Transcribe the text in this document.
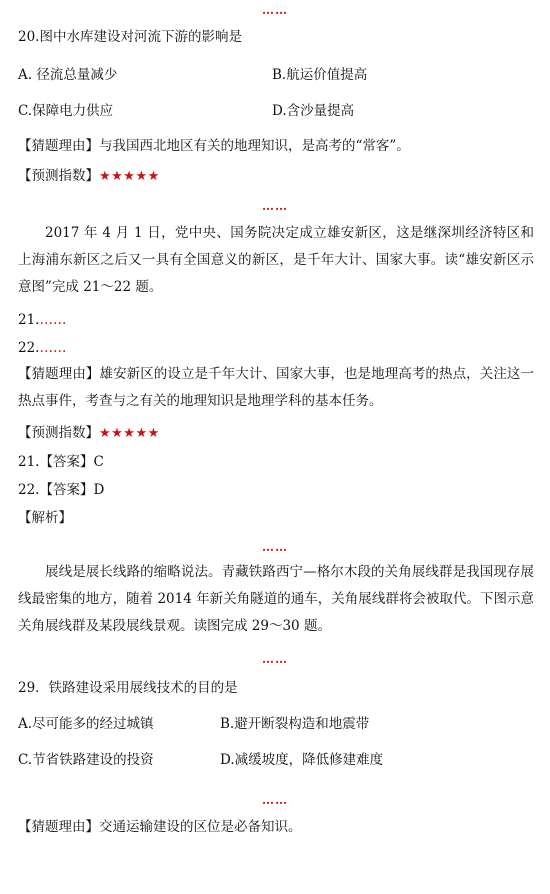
……
20.图中水库建设对河流下游的影响是
A. 径流总量减少	B.航运价值提高
C.保障电力供应	D.含沙量提高
【猜题理由】与我国西北地区有关的地理知识，是高考的“常客”。
【预测指数】★★★★★
……
2017 年 4 月 1 日，党中央、国务院决定成立雄安新区，这是继深圳经济特区和上海浦东新区之后又一具有全国意义的新区，是千年大计、国家大事。读“雄安新区示意图”完成 21～22 题。
21.……
22.……
【猜题理由】雄安新区的设立是千年大计、国家大事，也是地理高考的热点，关注这一热点事件，考查与之有关的地理知识是地理学科的基本任务。
【预测指数】★★★★★
21.【答案】C
22.【答案】D
【解析】
……
展线是展长线路的缩略说法。青藏铁路西宁—格尔木段的关角展线群是我国现存展线最密集的地方，随着 2014 年新关角隧道的通车，关角展线群将会被取代。下图示意关角展线群及某段展线景观。读图完成 29～30 题。
……
29．铁路建设采用展线技术的目的是
A.尽可能多的经过城镇	B.避开断裂构造和地震带
C.节省铁路建设的投资	D.减缓坡度，降低修建难度
……
【猜题理由】交通运输建设的区位是必备知识。
